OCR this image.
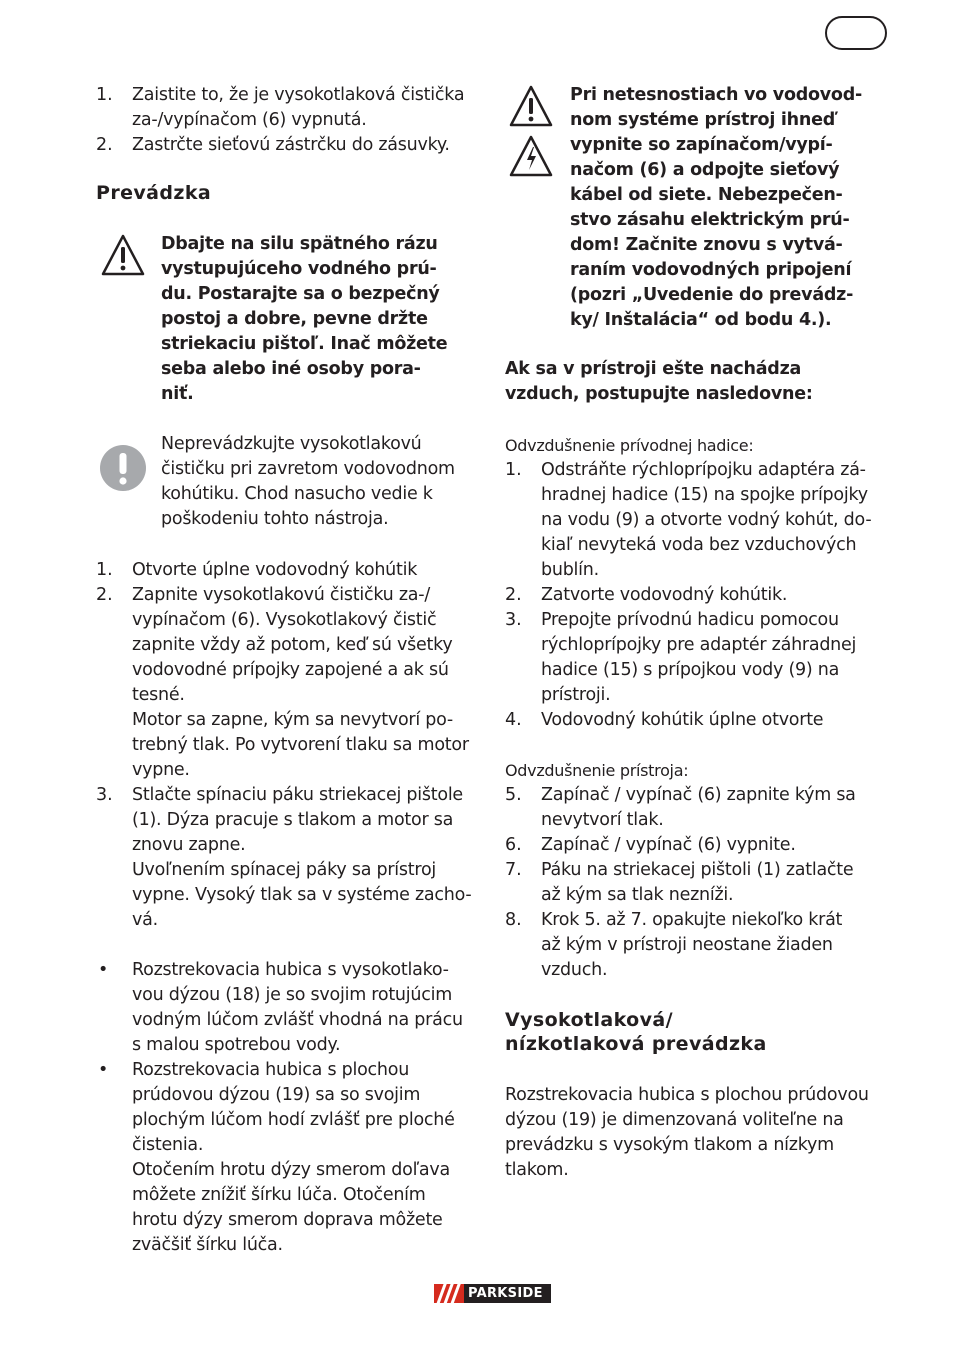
1. Zaistite to, že je vysokotlaková čistička
za-/vypínačom (6) vypnutá.
2. Zastrčte sieťovú zástrčku do zásuvky.
Prevádzka
Dbajte na silu spätného rázu
vystupujúceho vodného prú-
du. Postarajte sa o bezpečný
postoj a dobre, pevne držte
striekaciu pištoľ. Inač môžete
seba alebo iné osoby pora-
niť.
Neprevádzkujte vysokotlakovú
čističku pri zavretom vodovodnom
kohútiku. Chod nasucho vedie k
poškodeniu tohto nástroja.
1. Otvorte úplne vodovodný kohútik
2. Zapnite vysokotlakovú čističku za-/
vypínačom (6). Vysokotlakový čistič
zapnite vždy až potom, keď sú všetky
vodovodné prípojky zapojené a ak sú
tesné.
Motor sa zapne, kým sa nevytvorí po-
trebný tlak. Po vytvorení tlaku sa motor
vypne.
3. Stlačte spínaciu páku striekacej pištole
(1). Dýza pracuje s tlakom a motor sa
znovu zapne.
Uvoľnením spínacej páky sa prístroj
vypne. Vysoký tlak sa v systéme zacho-
vá.
• Rozstrekovacia hubica s vysokotlako-
vou dýzou (18) je so svojim rotujúcim
vodným lúčom zvlášť vhodná na prácu
s malou spotrebou vody.
• Rozstrekovacia hubica s plochou
prúdovou dýzou (19) sa so svojim
plochým lúčom hodí zvlášť pre ploché
čistenia.
Otočením hrotu dýzy smerom doľava
môžete znížiť šírku lúča. Otočením
hrotu dýzy smerom doprava môžete
zväčšiť šírku lúča.
Pri netesnostiach vo vodovod-
nom systéme prístroj ihneď
vypnite so zapínačom/vypí-
načom (6) a odpojte sieťový
kábel od siete. Nebezpečen-
stvo zásahu elektrickým prú-
dom! Začnite znovu s vytvá-
raním vodovodných pripojení
(pozri „Uvedenie do prevádz-
ky/ Inštalácia“ od bodu 4.).
Ak sa v prístroji ešte nachádza
vzduch, postupujte nasledovne:
Odvzdušnenie prívodnej hadice:
1. Odstráňte rýchloprípojku adaptéra zá-
hradnej hadice (15) na spojke prípojky
na vodu (9) a otvorte vodný kohút, do-
kiaľ nevyteká voda bez vzduchových
bublín.
2. Zatvorte vodovodný kohútik.
3. Prepojte prívodnú hadicu pomocou
rýchloprípojky pre adaptér záhradnej
hadice (15) s prípojkou vody (9) na
prístroji.
4. Vodovodný kohútik úplne otvorte
Odvzdušnenie prístroja:
5. Zapínač / vypínač (6) zapnite kým sa
nevytvorí tlak.
6. Zapínač / vypínač (6) vypnite.
7. Páku na striekacej pištoli (1) zatlačte
až kým sa tlak nezníži.
8. Krok 5. až 7. opakujte niekoľko krát
až kým v prístroji neostane žiaden
vzduch.
Vysokotlaková/
nízkotlaková prevádzka
Rozstrekovacia hubica s plochou prúdovou
dýzou (19) je dimenzovaná voliteľne na
prevádzku s vysokým tlakom a nízkym
tlakom.
PARKSIDE
